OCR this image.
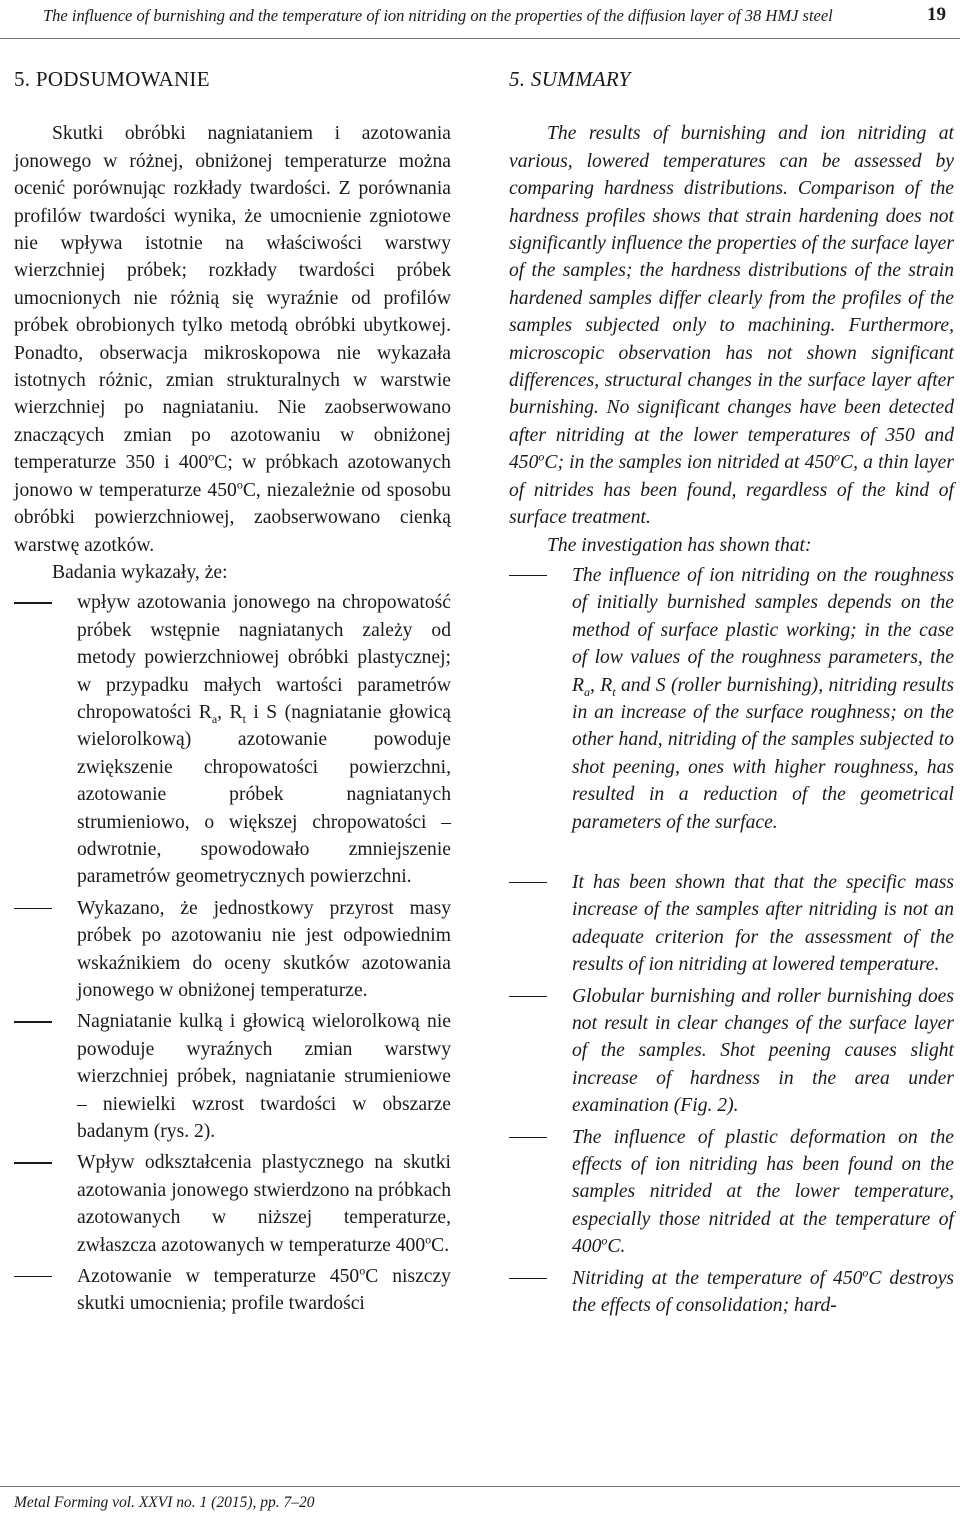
The influence of burnishing and the temperature of ion nitriding on the properties of the diffusion layer of 38 HMJ steel	19
5. PODSUMOWANIE

Skutki obróbki nagniataniem i azotowania jonowego w różnej, obniżonej temperaturze można ocenić porównując rozkłady twardości. Z porównania profilów twardości wynika, że umocnienie zgniotowe nie wpływa istotnie na właściwości warstwy wierzchniej próbek; rozkłady twardości próbek umocnionych nie różnią się wyraźnie od profilów próbek obrobionych tylko metodą obróbki ubytkowej. Ponadto, obserwacja mikroskopowa nie wykazała istotnych różnic, zmian strukturalnych w warstwie wierzchniej po nagniataniu. Nie zaobserwowano znaczących zmian po azotowaniu w obniżonej temperaturze 350 i 400$^o$C; w próbkach azotowanych jonowo w temperaturze 450$^o$C, niezależnie od sposobu obróbki powierzchniowej, zaobserwowano cienką warstwę azotków.

Badania wykazały, że:

wpływ azotowania jonowego na chropowatość próbek wstępnie nagniatanych zależy od metody powierzchniowej obróbki plastycznej; w przypadku małych wartości parametrów chropowatości $R_a$, $R_t$ i S (nagniatanie głowicą wielorolkową) azotowanie powoduje zwiększenie chropowatości powierzchni, azotowanie próbek nagniatanych strumieniowo, o większej chropowatości – odwrotnie, spowodowało zmniejszenie parametrów geometrycznych powierzchni.
Wykazano, że jednostkowy przyrost masy próbek po azotowaniu nie jest odpowiednim wskaźnikiem do oceny skutków azotowania jonowego w obniżonej temperaturze.
Nagniatanie kulką i głowicą wielorolkową nie powoduje wyraźnych zmian warstwy wierzchniej próbek, nagniatanie strumieniowe – niewielki wzrost twardości w obszarze badanym (rys. 2).
Wpływ odkształcenia plastycznego na skutki azotowania jonowego stwierdzono na próbkach azotowanych w niższej temperaturze, zwłaszcza azotowanych w temperaturze 400$^o$C.
Azotowanie w temperaturze 450$^o$C niszczy skutki umocnienia; profile twardości
5. SUMMARY

The results of burnishing and ion nitriding at various, lowered temperatures can be assessed by comparing hardness distributions. Comparison of the hardness profiles shows that strain hardening does not significantly influence the properties of the surface layer of the samples; the hardness distributions of the strain hardened samples differ clearly from the profiles of the samples subjected only to machining. Furthermore, microscopic observation has not shown significant differences, structural changes in the surface layer after burnishing. No significant changes have been detected after nitriding at the lower temperatures of 350 and 450$^o$C; in the samples ion nitrided at 450$^o$C, a thin layer of nitrides has been found, regardless of the kind of surface treatment.

The investigation has shown that:

The influence of ion nitriding on the roughness of initially burnished samples depends on the method of surface plastic working; in the case of low values of the roughness parameters, the $R_a$, $R_t$ and S (roller burnishing), nitriding results in an increase of the surface roughness; on the other hand, nitriding of the samples subjected to shot peening, ones with higher roughness, has resulted in a reduction of the geometrical parameters of the surface.
It has been shown that that the specific mass increase of the samples after nitriding is not an adequate criterion for the assessment of the results of ion nitriding at lowered temperature.
Globular burnishing and roller burnishing does not result in clear changes of the surface layer of the samples. Shot peening causes slight increase of hardness in the area under examination (Fig. 2).
The influence of plastic deformation on the effects of ion nitriding has been found on the samples nitrided at the lower temperature, especially those nitrided at the temperature of 400$^o$C.
Nitriding at the temperature of 450$^o$C destroys the effects of consolidation; hard-
Metal Forming vol. XXVI no. 1 (2015), pp. 7–20
